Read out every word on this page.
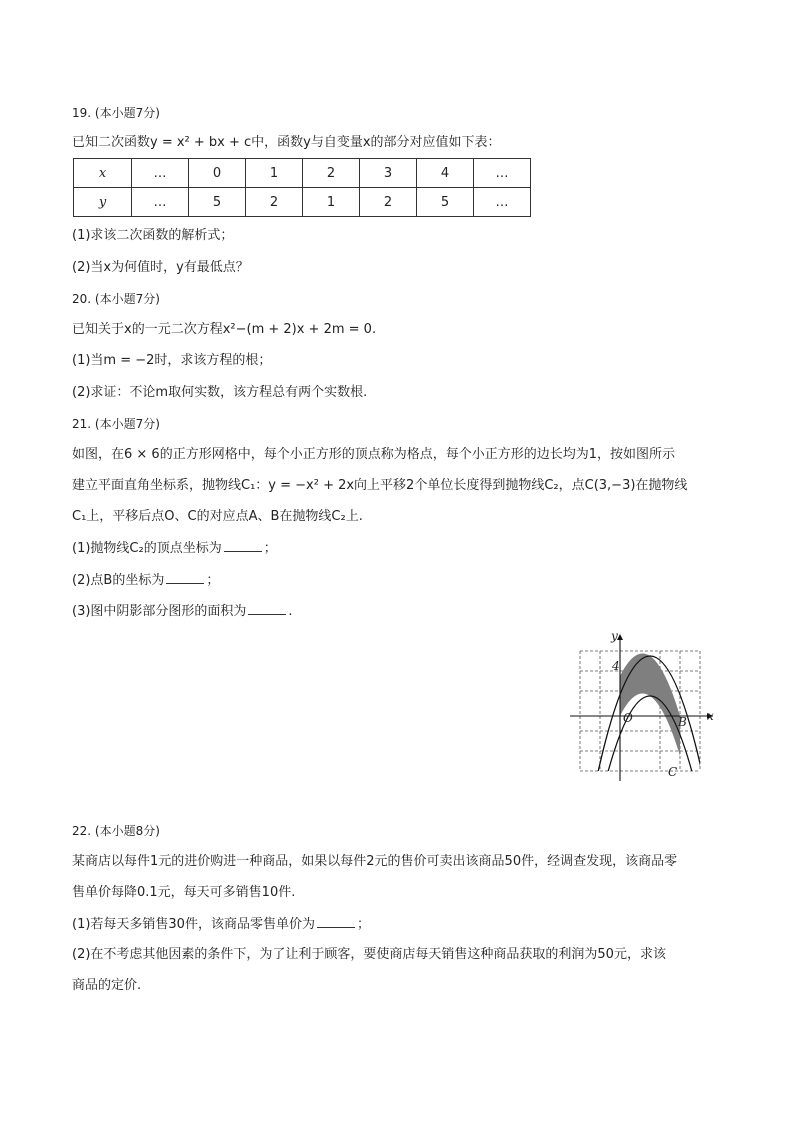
19. (本小题7分)
已知二次函数y = x² + bx + c中，函数y与自变量x的部分对应值如下表：
x	…	0	1	2	3	4	…
y	…	5	2	1	2	5	…
(1)求该二次函数的解析式；
(2)当x为何值时，y有最低点？
20. (本小题7分)
已知关于x的一元二次方程x²−(m + 2)x + 2m = 0.
(1)当m = −2时，求该方程的根；
(2)求证：不论m取何实数，该方程总有两个实数根.
21. (本小题7分)
如图，在6 × 6的正方形网格中，每个小正方形的顶点称为格点，每个小正方形的边长均为1，按如图所示
建立平面直角坐标系，抛物线C₁：y = −x² + 2x向上平移2个单位长度得到抛物线C₂，点C(3,−3)在抛物线
C₁上，平移后点O、C的对应点A、B在抛物线C₂上.
(1)抛物线C₂的顶点坐标为	；
(2)点B的坐标为	；
(3)图中阴影部分图形的面积为	.
y
x
4
O	B
C
22. (本小题8分)
某商店以每件1元的进价购进一种商品，如果以每件2元的售价可卖出该商品50件，经调查发现，该商品零
售单价每降0.1元，每天可多销售10件.
(1)若每天多销售30件，该商品零售单价为	；
(2)在不考虑其他因素的条件下，为了让利于顾客，要使商店每天销售这种商品获取的利润为50元，求该
商品的定价.
